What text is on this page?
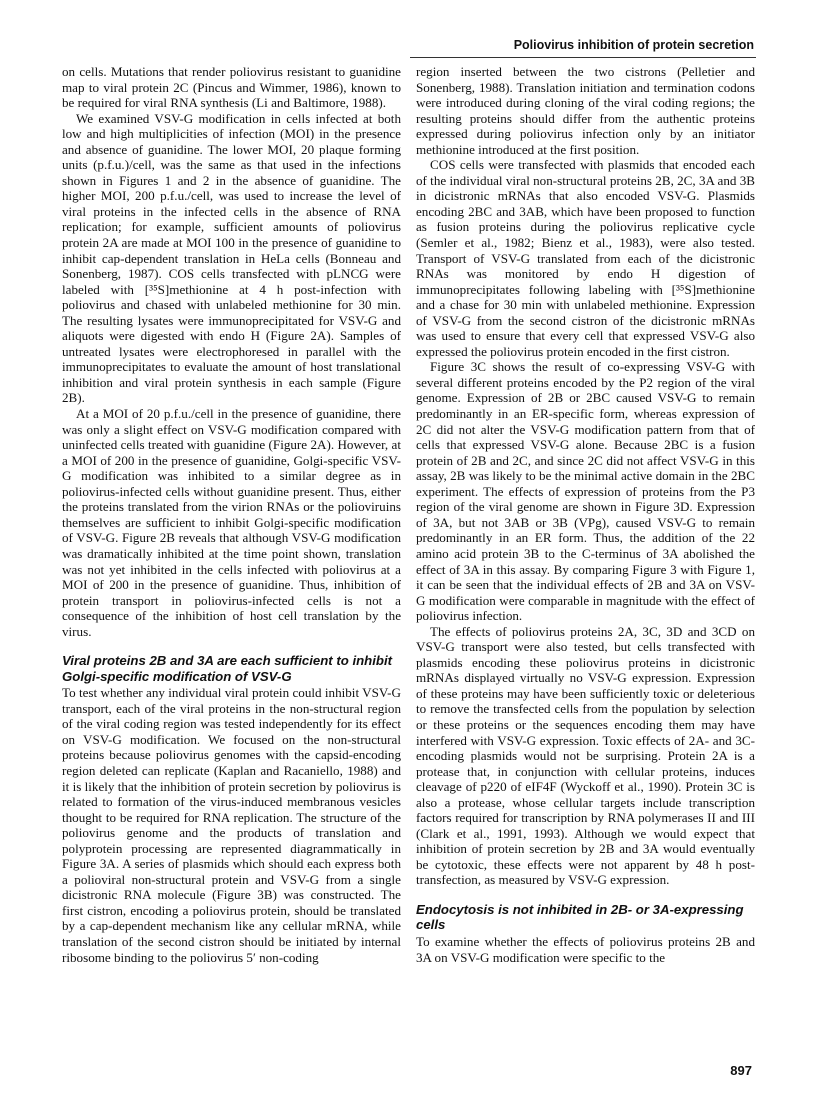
Poliovirus inhibition of protein secretion

on cells. Mutations that render poliovirus resistant to guanidine map to viral protein 2C (Pincus and Wimmer, 1986), known to be required for viral RNA synthesis (Li and Baltimore, 1988).

We examined VSV-G modification in cells infected at both low and high multiplicities of infection (MOI) in the presence and absence of guanidine. The lower MOI, 20 plaque forming units (p.f.u.)/cell, was the same as that used in the infections shown in Figures 1 and 2 in the absence of guanidine. The higher MOI, 200 p.f.u./cell, was used to increase the level of viral proteins in the infected cells in the absence of RNA replication; for example, sufficient amounts of poliovirus protein 2A are made at MOI 100 in the presence of guanidine to inhibit cap-dependent translation in HeLa cells (Bonneau and Sonenberg, 1987). COS cells transfected with pLNCG were labeled with [³⁵S]methionine at 4 h post-infection with poliovirus and chased with unlabeled methionine for 30 min. The resulting lysates were immunoprecipitated for VSV-G and aliquots were digested with endo H (Figure 2A). Samples of untreated lysates were electrophoresed in parallel with the immunoprecipitates to evaluate the amount of host translational inhibition and viral protein synthesis in each sample (Figure 2B).

At a MOI of 20 p.f.u./cell in the presence of guanidine, there was only a slight effect on VSV-G modification compared with uninfected cells treated with guanidine (Figure 2A). However, at a MOI of 200 in the presence of guanidine, Golgi-specific VSV-G modification was inhibited to a similar degree as in poliovirus-infected cells without guanidine present. Thus, either the proteins translated from the virion RNAs or the polioviruins themselves are sufficient to inhibit Golgi-specific modification of VSV-G. Figure 2B reveals that although VSV-G modification was dramatically inhibited at the time point shown, translation was not yet inhibited in the cells infected with poliovirus at a MOI of 200 in the presence of guanidine. Thus, inhibition of protein transport in poliovirus-infected cells is not a consequence of the inhibition of host cell translation by the virus.

Viral proteins 2B and 3A are each sufficient to inhibit Golgi-specific modification of VSV-G

To test whether any individual viral protein could inhibit VSV-G transport, each of the viral proteins in the non-structural region of the viral coding region was tested independently for its effect on VSV-G modification. We focused on the non-structural proteins because poliovirus genomes with the capsid-encoding region deleted can replicate (Kaplan and Racaniello, 1988) and it is likely that the inhibition of protein secretion by poliovirus is related to formation of the virus-induced membranous vesicles thought to be required for RNA replication. The structure of the poliovirus genome and the products of translation and polyprotein processing are represented diagrammatically in Figure 3A. A series of plasmids which should each express both a polioviral non-structural protein and VSV-G from a single dicistronic RNA molecule (Figure 3B) was constructed. The first cistron, encoding a poliovirus protein, should be translated by a cap-dependent mechanism like any cellular mRNA, while translation of the second cistron should be initiated by internal ribosome binding to the poliovirus 5′ non-coding

region inserted between the two cistrons (Pelletier and Sonenberg, 1988). Translation initiation and termination codons were introduced during cloning of the viral coding regions; the resulting proteins should differ from the authentic proteins expressed during poliovirus infection only by an initiator methionine introduced at the first position.

COS cells were transfected with plasmids that encoded each of the individual viral non-structural proteins 2B, 2C, 3A and 3B in dicistronic mRNAs that also encoded VSV-G. Plasmids encoding 2BC and 3AB, which have been proposed to function as fusion proteins during the poliovirus replicative cycle (Semler et al., 1982; Bienz et al., 1983), were also tested. Transport of VSV-G translated from each of the dicistronic RNAs was monitored by endo H digestion of immunoprecipitates following labeling with [³⁵S]methionine and a chase for 30 min with unlabeled methionine. Expression of VSV-G from the second cistron of the dicistronic mRNAs was used to ensure that every cell that expressed VSV-G also expressed the poliovirus protein encoded in the first cistron.

Figure 3C shows the result of co-expressing VSV-G with several different proteins encoded by the P2 region of the viral genome. Expression of 2B or 2BC caused VSV-G to remain predominantly in an ER-specific form, whereas expression of 2C did not alter the VSV-G modification pattern from that of cells that expressed VSV-G alone. Because 2BC is a fusion protein of 2B and 2C, and since 2C did not affect VSV-G in this assay, 2B was likely to be the minimal active domain in the 2BC experiment. The effects of expression of proteins from the P3 region of the viral genome are shown in Figure 3D. Expression of 3A, but not 3AB or 3B (VPg), caused VSV-G to remain predominantly in an ER form. Thus, the addition of the 22 amino acid protein 3B to the C-terminus of 3A abolished the effect of 3A in this assay. By comparing Figure 3 with Figure 1, it can be seen that the individual effects of 2B and 3A on VSV-G modification were comparable in magnitude with the effect of poliovirus infection.

The effects of poliovirus proteins 2A, 3C, 3D and 3CD on VSV-G transport were also tested, but cells transfected with plasmids encoding these poliovirus proteins in dicistronic mRNAs displayed virtually no VSV-G expression. Expression of these proteins may have been sufficiently toxic or deleterious to remove the transfected cells from the population by selection or these proteins or the sequences encoding them may have interfered with VSV-G expression. Toxic effects of 2A- and 3C-encoding plasmids would not be surprising. Protein 2A is a protease that, in conjunction with cellular proteins, induces cleavage of p220 of eIF4F (Wyckoff et al., 1990). Protein 3C is also a protease, whose cellular targets include transcription factors required for transcription by RNA polymerases II and III (Clark et al., 1991, 1993). Although we would expect that inhibition of protein secretion by 2B and 3A would eventually be cytotoxic, these effects were not apparent by 48 h post-transfection, as measured by VSV-G expression.

Endocytosis is not inhibited in 2B- or 3A-expressing cells

To examine whether the effects of poliovirus proteins 2B and 3A on VSV-G modification were specific to the

897
